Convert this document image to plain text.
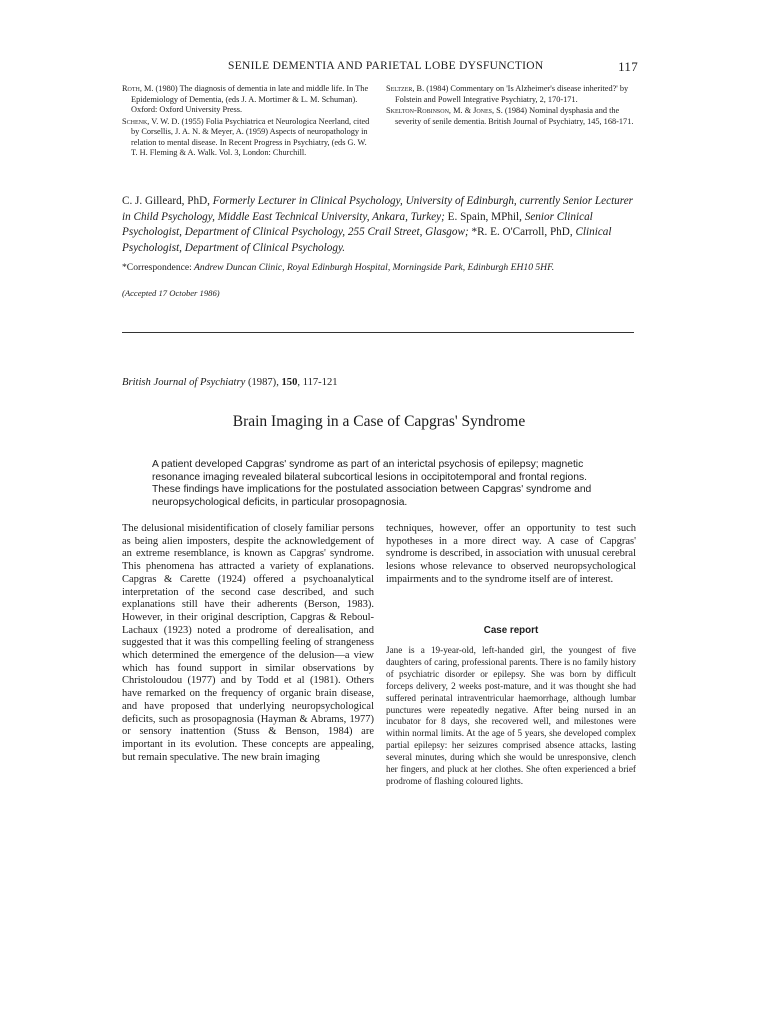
SENILE DEMENTIA AND PARIETAL LOBE DYSFUNCTION	117

Roth, M. (1980) The diagnosis of dementia in late and middle life. In The Epidemiology of Dementia, (eds J. A. Mortimer & L. M. Schuman). Oxford: Oxford University Press.

Schenk, V. W. D. (1955) Folia Psychiatrica et Neurologica Neerland, cited by Corsellis, J. A. N. & Meyer, A. (1959) Aspects of neuropathology in relation to mental disease. In Recent Progress in Psychiatry, (eds G. W. T. H. Fleming & A. Walk. Vol. 3, London: Churchill.

Seltzer, B. (1984) Commentary on 'Is Alzheimer's disease inherited?' by Folstein and Powell Integrative Psychiatry, 2, 170-171.

Skelton-Robinson, M. & Jones, S. (1984) Nominal dysphasia and the severity of senile dementia. British Journal of Psychiatry, 145, 168-171.

C. J. Gilleard, PhD, Formerly Lecturer in Clinical Psychology, University of Edinburgh, currently Senior Lecturer in Child Psychology, Middle East Technical University, Ankara, Turkey; E. Spain, MPhil, Senior Clinical Psychologist, Department of Clinical Psychology, 255 Crail Street, Glasgow; *R. E. O'Carroll, PhD, Clinical Psychologist, Department of Clinical Psychology.
*Correspondence: Andrew Duncan Clinic, Royal Edinburgh Hospital, Morningside Park, Edinburgh EH10 5HF.
(Accepted 17 October 1986)
British Journal of Psychiatry (1987), 150, 117-121
Brain Imaging in a Case of Capgras' Syndrome
A patient developed Capgras' syndrome as part of an interictal psychosis of epilepsy; magnetic resonance imaging revealed bilateral subcortical lesions in occipitotemporal and frontal regions. These findings have implications for the postulated association between Capgras' syndrome and neuropsychological deficits, in particular prosopagnosia.

The delusional misidentification of closely familiar persons as being alien imposters, despite the acknowledgement of an extreme resemblance, is known as Capgras' syndrome. This phenomena has attracted a variety of explanations. Capgras & Carette (1924) offered a psychoanalytical interpretation of the second case described, and such explanations still have their adherents (Berson, 1983). However, in their original description, Capgras & Reboul-Lachaux (1923) noted a prodrome of derealisation, and suggested that it was this compelling feeling of strangeness which determined the emergence of the delusion—a view which has found support in similar observations by Christoloudou (1977) and by Todd et al (1981). Others have remarked on the frequency of organic brain disease, and have proposed that underlying neuropsychological deficits, such as prosopagnosia (Hayman & Abrams, 1977) or sensory inattention (Stuss & Benson, 1984) are important in its evolution. These concepts are appealing, but remain speculative. The new brain imaging

techniques, however, offer an opportunity to test such hypotheses in a more direct way. A case of Capgras' syndrome is described, in association with unusual cerebral lesions whose relevance to observed neuropsychological impairments and to the syndrome itself are of interest.

Case report

Jane is a 19-year-old, left-handed girl, the youngest of five daughters of caring, professional parents. There is no family history of psychiatric disorder or epilepsy. She was born by difficult forceps delivery, 2 weeks post-mature, and it was thought she had suffered perinatal intraventricular haemorrhage, although lumbar punctures were repeatedly negative. After being nursed in an incubator for 8 days, she recovered well, and milestones were within normal limits. At the age of 5 years, she developed complex partial epilepsy: her seizures comprised absence attacks, lasting several minutes, during which she would be unresponsive, clench her fingers, and pluck at her clothes. She often experienced a brief prodrome of flashing coloured lights.
